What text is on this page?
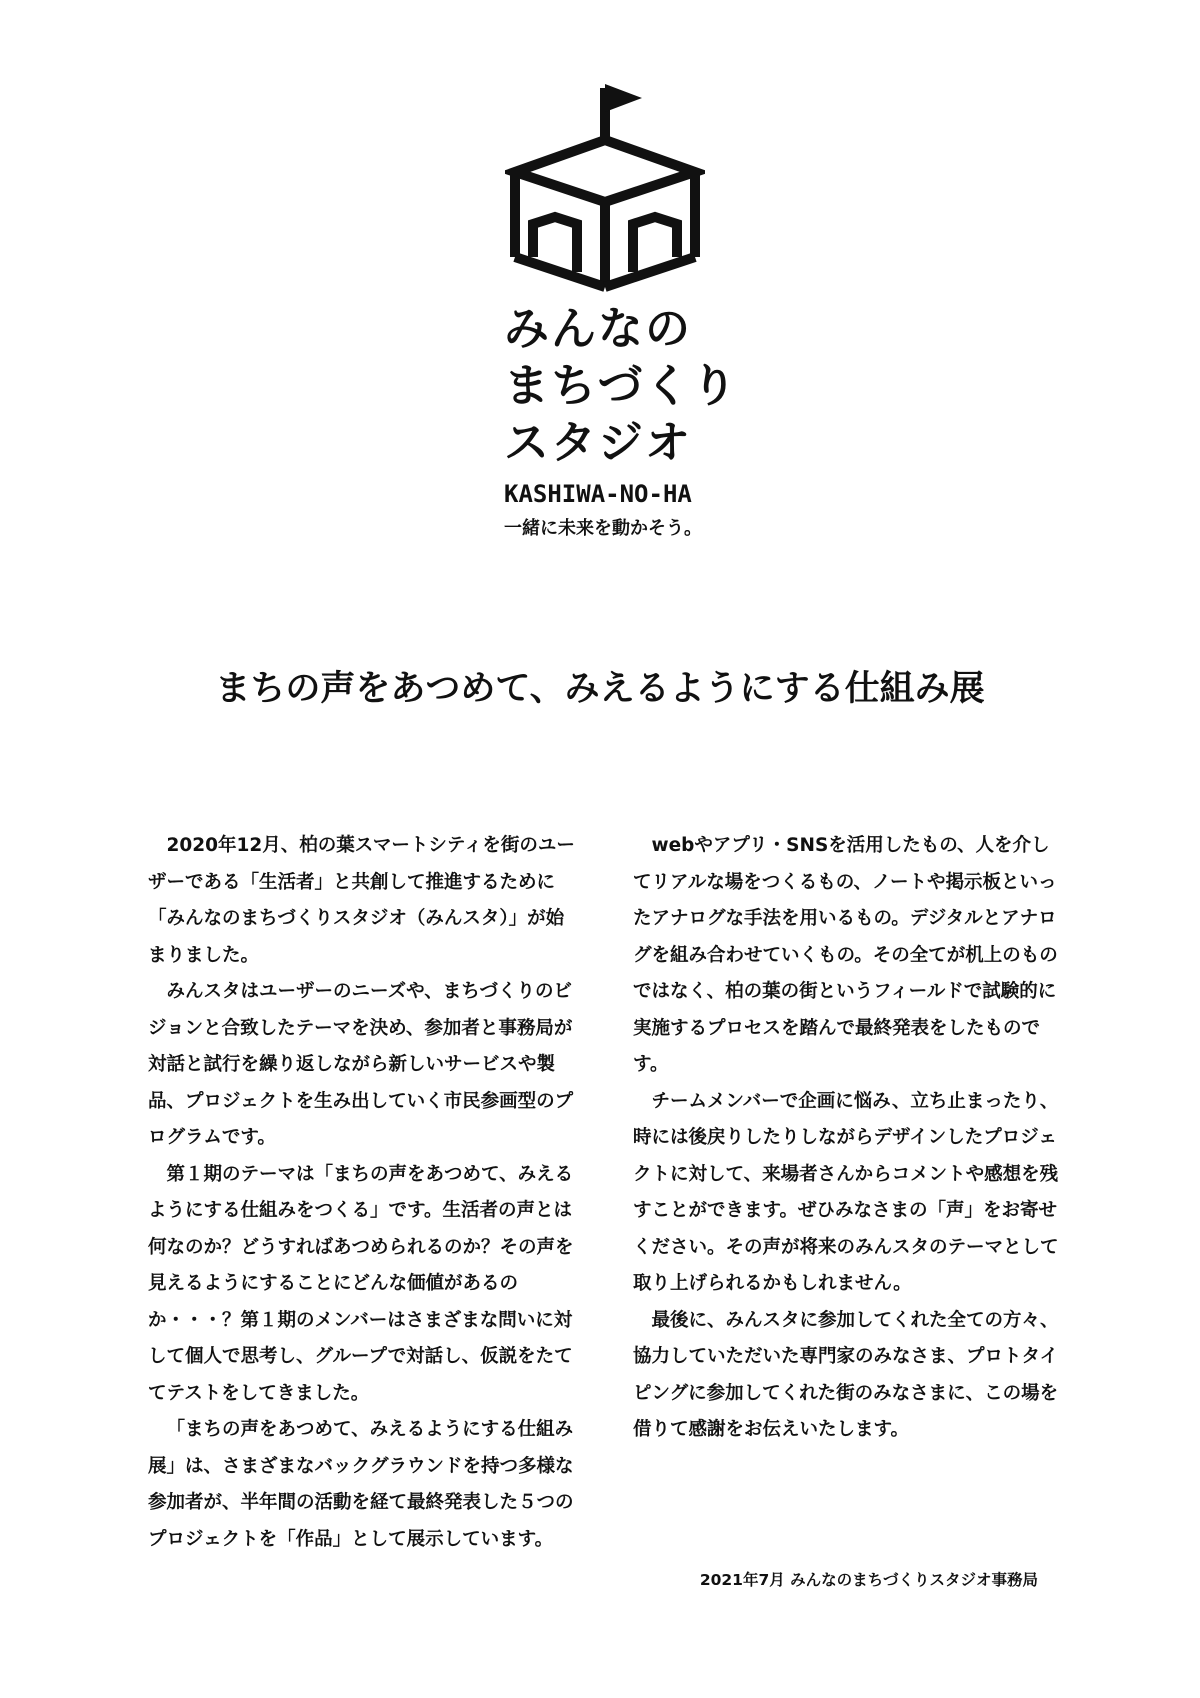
みんなの
まちづくり
スタジオ
KASHIWA-NO-HA
一緒に未来を動かそう。
まちの声をあつめて、みえるようにする仕組み展

2020年12月、柏の葉スマートシティを街のユーザーである「生活者」と共創して推進するために「みんなのまちづくりスタジオ（みんスタ）」が始まりました。

みんスタはユーザーのニーズや、まちづくりのビジョンと合致したテーマを決め、参加者と事務局が対話と試行を繰り返しながら新しいサービスや製品、プロジェクトを生み出していく市民参画型のプログラムです。

第１期のテーマは「まちの声をあつめて、みえるようにする仕組みをつくる」です。生活者の声とは何なのか？どうすればあつめられるのか？その声を見えるようにすることにどんな価値があるのか・・・？第１期のメンバーはさまざまな問いに対して個人で思考し、グループで対話し、仮説をたててテストをしてきました。

「まちの声をあつめて、みえるようにする仕組み展」は、さまざまなバックグラウンドを持つ多様な参加者が、半年間の活動を経て最終発表した５つのプロジェクトを「作品」として展示しています。

webやアプリ・SNSを活用したもの、人を介してリアルな場をつくるもの、ノートや掲示板といったアナログな手法を用いるもの。デジタルとアナログを組み合わせていくもの。その全てが机上のものではなく、柏の葉の街というフィールドで試験的に実施するプロセスを踏んで最終発表をしたものです。

チームメンバーで企画に悩み、立ち止まったり、時には後戻りしたりしながらデザインしたプロジェクトに対して、来場者さんからコメントや感想を残すことができます。ぜひみなさまの「声」をお寄せください。その声が将来のみんスタのテーマとして取り上げられるかもしれません。

最後に、みんスタに参加してくれた全ての方々、協力していただいた専門家のみなさま、プロトタイピングに参加してくれた街のみなさまに、この場を借りて感謝をお伝えいたします。

2021年7月 みんなのまちづくりスタジオ事務局
